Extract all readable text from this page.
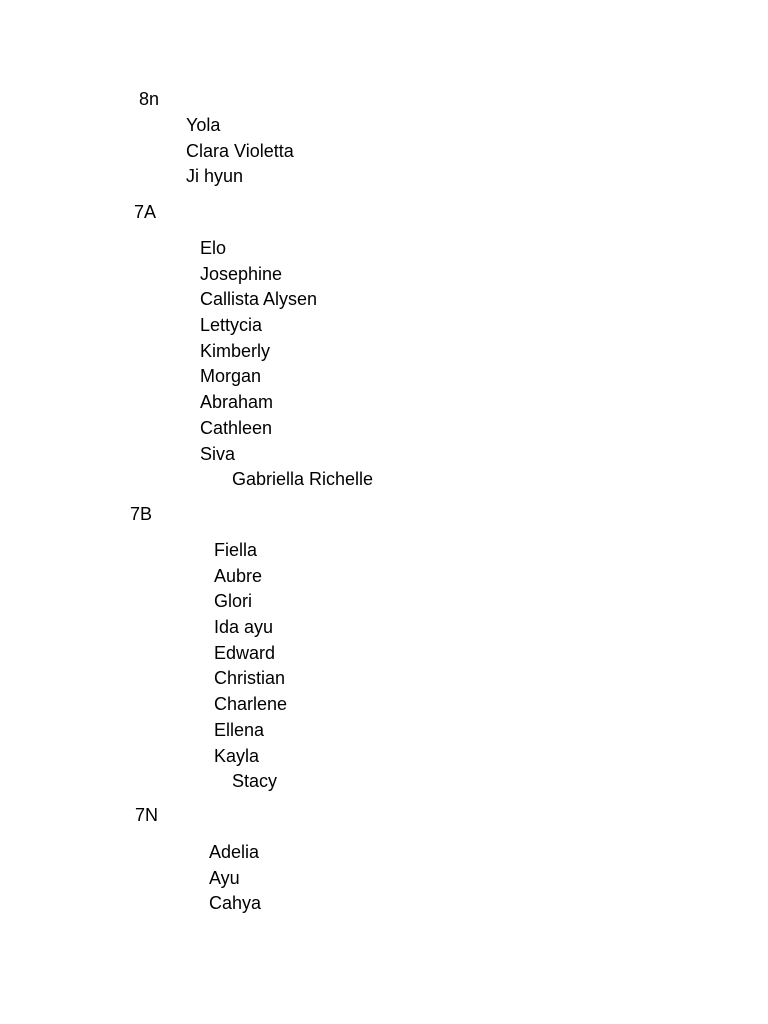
8n
Yola
Clara Violetta
Ji hyun
7A
Elo
Josephine
Callista Alysen
Lettycia
Kimberly
Morgan
Abraham
Cathleen
Siva
Gabriella Richelle
7B
Fiella
Aubre
Glori
Ida ayu
Edward
Christian
Charlene
Ellena
Kayla
Stacy
7N
Adelia
Ayu
Cahya
